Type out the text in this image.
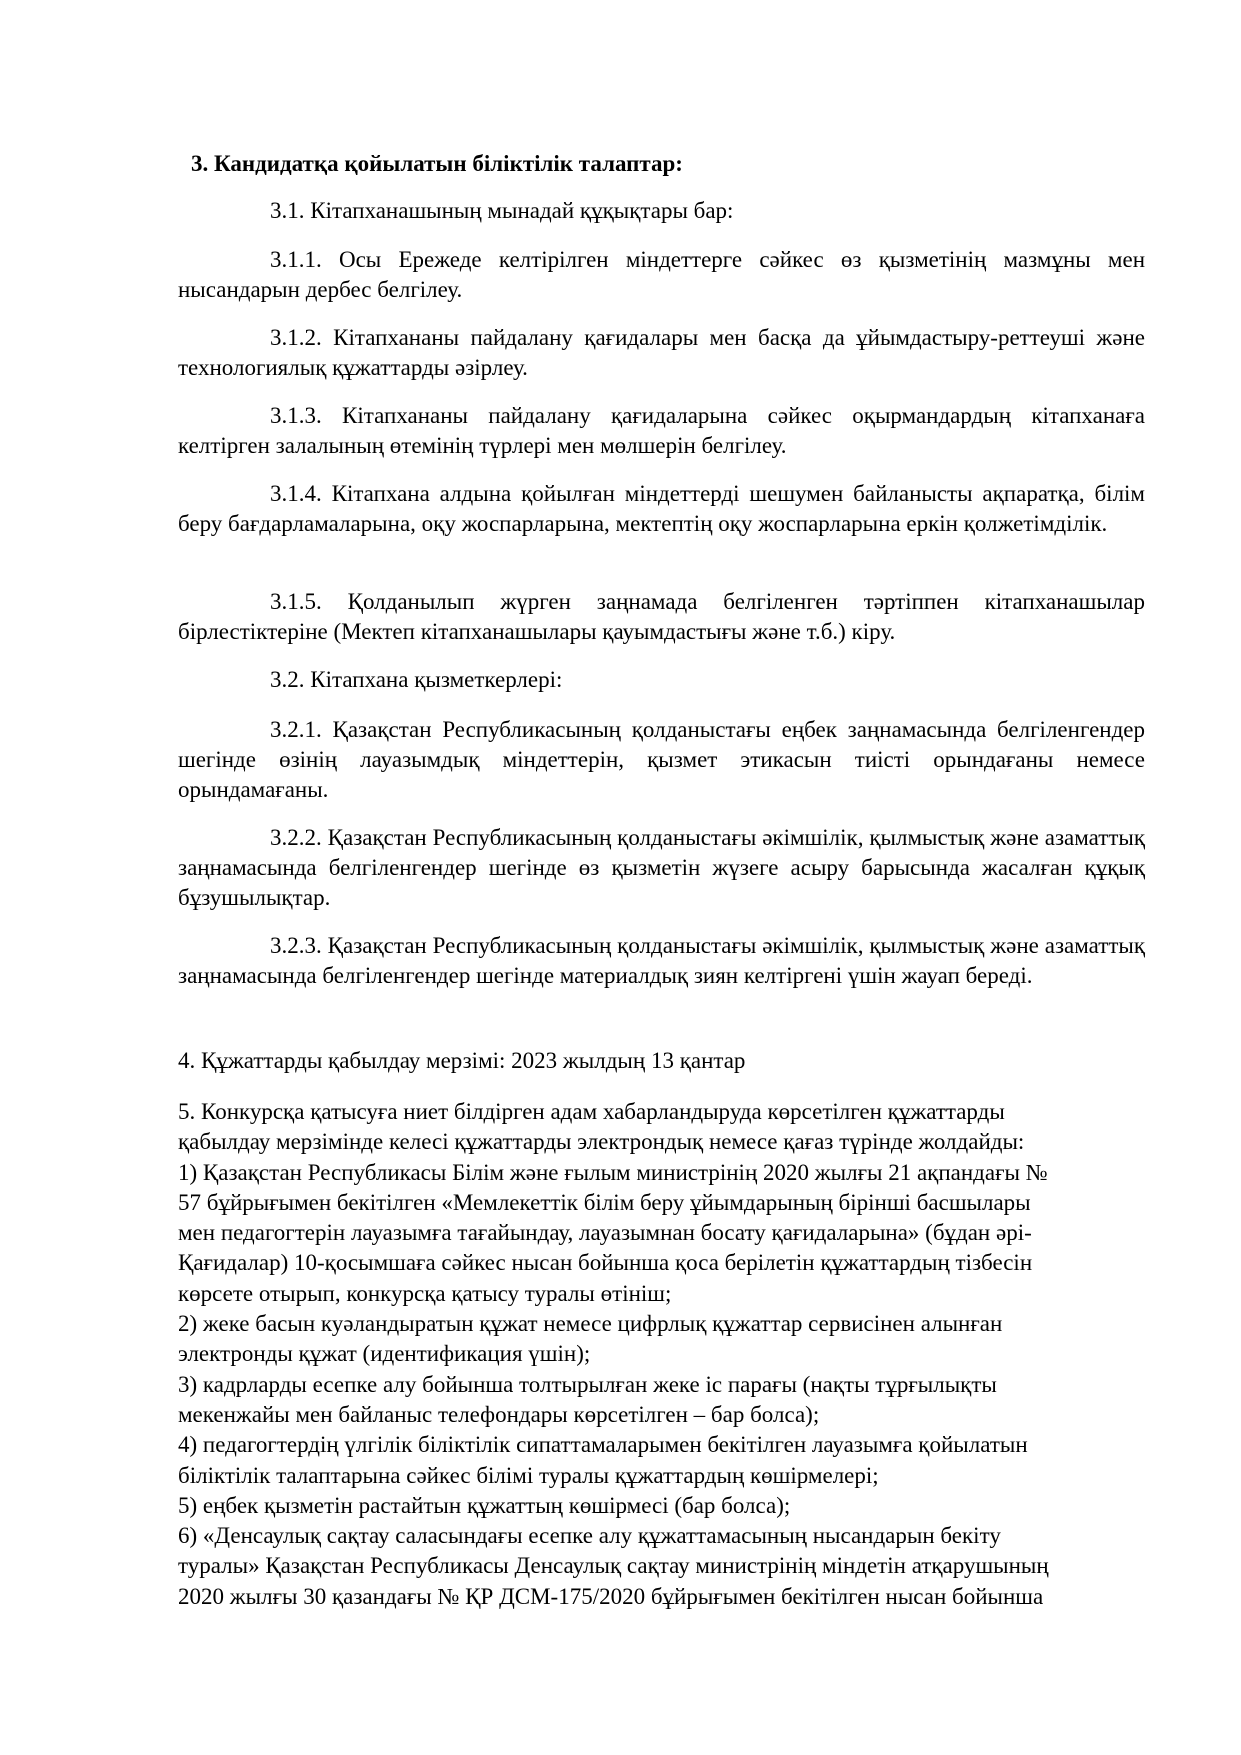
3. Кандидатқа қойылатын біліктілік талаптар:

3.1. Кітапханашының мынадай құқықтары бар:

3.1.1. Осы Ережеде келтірілген міндеттерге сәйкес өз қызметінің мазмұны мен нысандарын дербес белгілеу.

3.1.2. Кітапхананы пайдалану қағидалары мен басқа да ұйымдастыру-реттеуші және технологиялық құжаттарды әзірлеу.

3.1.3. Кітапхананы пайдалану қағидаларына сәйкес оқырмандардың кітапханаға келтірген залалының өтемінің түрлері мен мөлшерін белгілеу.

3.1.4. Кітапхана алдына қойылған міндеттерді шешумен байланысты ақпаратқа, білім беру бағдарламаларына, оқу жоспарларына, мектептің оқу жоспарларына еркін қолжетімділік.

3.1.5. Қолданылып жүрген заңнамада белгіленген тәртіппен кітапханашылар бірлестіктеріне (Мектеп кітапханашылары қауымдастығы және т.б.) кіру.

3.2. Кітапхана қызметкерлері:

3.2.1. Қазақстан Республикасының қолданыстағы еңбек заңнамасында белгіленгендер шегінде өзінің лауазымдық міндеттерін, қызмет этикасын тиісті орындағаны немесе орындамағаны.

3.2.2. Қазақстан Республикасының қолданыстағы әкімшілік, қылмыстық және азаматтық заңнамасында белгіленгендер шегінде өз қызметін жүзеге асыру барысында жасалған құқық бұзушылықтар.

3.2.3. Қазақстан Республикасының қолданыстағы әкімшілік, қылмыстық және азаматтық заңнамасында белгіленгендер шегінде материалдық зиян келтіргені үшін жауап береді.

4. Құжаттарды қабылдау мерзімі: 2023 жылдың 13 қантар

5. Конкурсқа қатысуға ниет білдірген адам хабарландыруда көрсетілген құжаттарды
қабылдау мерзімінде келесі құжаттарды электрондық немесе қағаз түрінде жолдайды:
1) Қазақстан Республикасы Білім және ғылым министрінің 2020 жылғы 21 ақпандағы №
57 бұйрығымен бекітілген «Мемлекеттік білім беру ұйымдарының бірінші басшылары
мен педагогтерін лауазымға тағайындау, лауазымнан босату қағидаларына» (бұдан әрі-
Қағидалар) 10-қосымшаға сәйкес нысан бойынша қоса берілетін құжаттардың тізбесін
көрсете отырып, конкурсқа қатысу туралы өтініш;
2) жеке басын куәландыратын құжат немесе цифрлық құжаттар сервисінен алынған
электронды құжат (идентификация үшін);
3) кадрларды есепке алу бойынша толтырылған жеке іс парағы (нақты тұрғылықты
мекенжайы мен байланыс телефондары көрсетілген – бар болса);
4) педагогтердің үлгілік біліктілік сипаттамаларымен бекітілген лауазымға қойылатын
біліктілік талаптарына сәйкес білімі туралы құжаттардың көшірмелері;
5) еңбек қызметін растайтын құжаттың көшірмесі (бар болса);
6) «Денсаулық сақтау саласындағы есепке алу құжаттамасының нысандарын бекіту
туралы» Қазақстан Республикасы Денсаулық сақтау министрінің міндетін атқарушының
2020 жылғы 30 қазандағы № ҚР ДСМ-175/2020 бұйрығымен бекітілген нысан бойынша
